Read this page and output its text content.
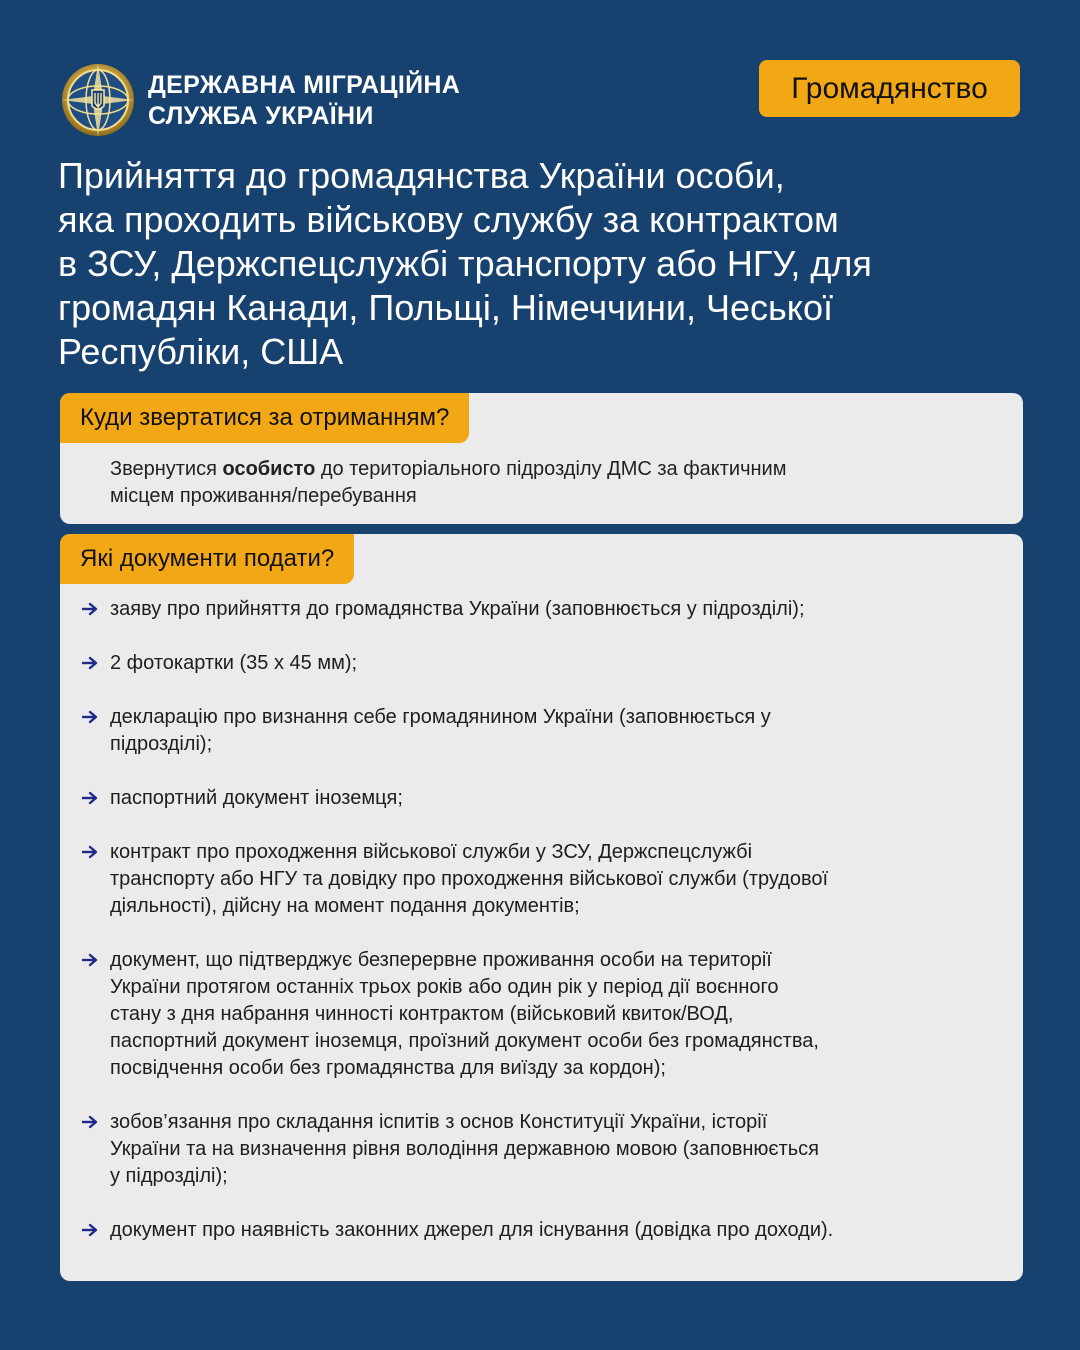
ДЕРЖАВНА МІГРАЦІЙНА
СЛУЖБА УКРАЇНИ
Громадянство
Прийняття до громадянства України особи,
яка проходить військову службу за контрактом
в ЗСУ, Держспецслужбі транспорту або НГУ, для
громадян Канади, Польщі, Німеччини, Чеської
Республіки, США
Куди звертатися за отриманням?
Звернутися особисто до територіального підрозділу ДМС за фактичним
місцем проживання/перебування
Які документи подати?
заяву про прийняття до громадянства України (заповнюється у підрозділі);
2 фотокартки (35 х 45 мм);
декларацію про визнання себе громадянином України (заповнюється у
підрозділі);
паспортний документ іноземця;
контракт про проходження військової служби у ЗСУ, Держспецслужбі
транспорту або НГУ та довідку про проходження військової служби (трудової
діяльності), дійсну на момент подання документів;
документ, що підтверджує безперервне проживання особи на території
України протягом останніх трьох років або один рік у період дії воєнного
стану з дня набрання чинності контрактом (військовий квиток/ВОД,
паспортний документ іноземця, проїзний документ особи без громадянства,
посвідчення особи без громадянства для виїзду за кордон);
зобов’язання про складання іспитів з основ Конституції України, історії
України та на визначення рівня володіння державною мовою (заповнюється
у підрозділі);
документ про наявність законних джерел для існування (довідка про доходи).
